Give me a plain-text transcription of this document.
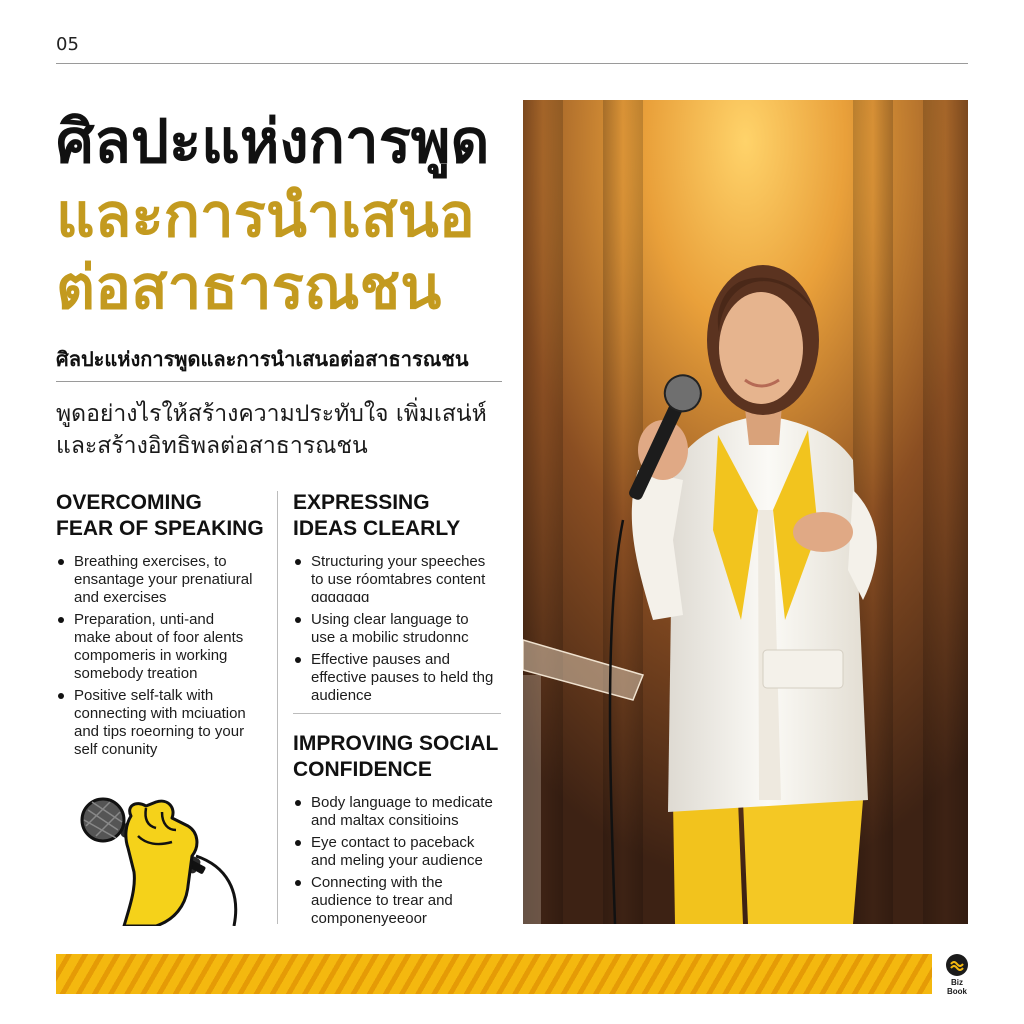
05
ศิลปะแห่งการพูด
และการนำเสนอ
ต่อสาธารณชน
ศิลปะแห่งการพูดและการนำเสนอต่อสาธารณชน
พูดอย่างไรให้สร้างความประทับใจ เพิ่มเสน่ห์ และสร้างอิทธิพลต่อสาธารณชน
OVERCOMING
FEAR OF SPEAKING
Breathing exercises, to
ensantage your prenatiural
and exercises
Preparation, unti-and
make about of foor alents
compomeris in working
somebody treation
Positive self-talk with
connecting with mciuation
and tips roeorning to your
self conunity
EXPRESSING
IDEAS CLEARLY
Structuring your speeches
to use róomtabres content
ɑɑɑɑɑɑɑ
Using clear language to
use a mobilic strudonnc
Effective pauses and
effective pauses to held thg
audience
IMPROVING SOCIAL
CONFIDENCE
Body language to medicate
and maltax consitioins
Eye contact to paceback
and meling your audience
Connecting with the
audience to trear and
componenyeeoor
Biz
Book
